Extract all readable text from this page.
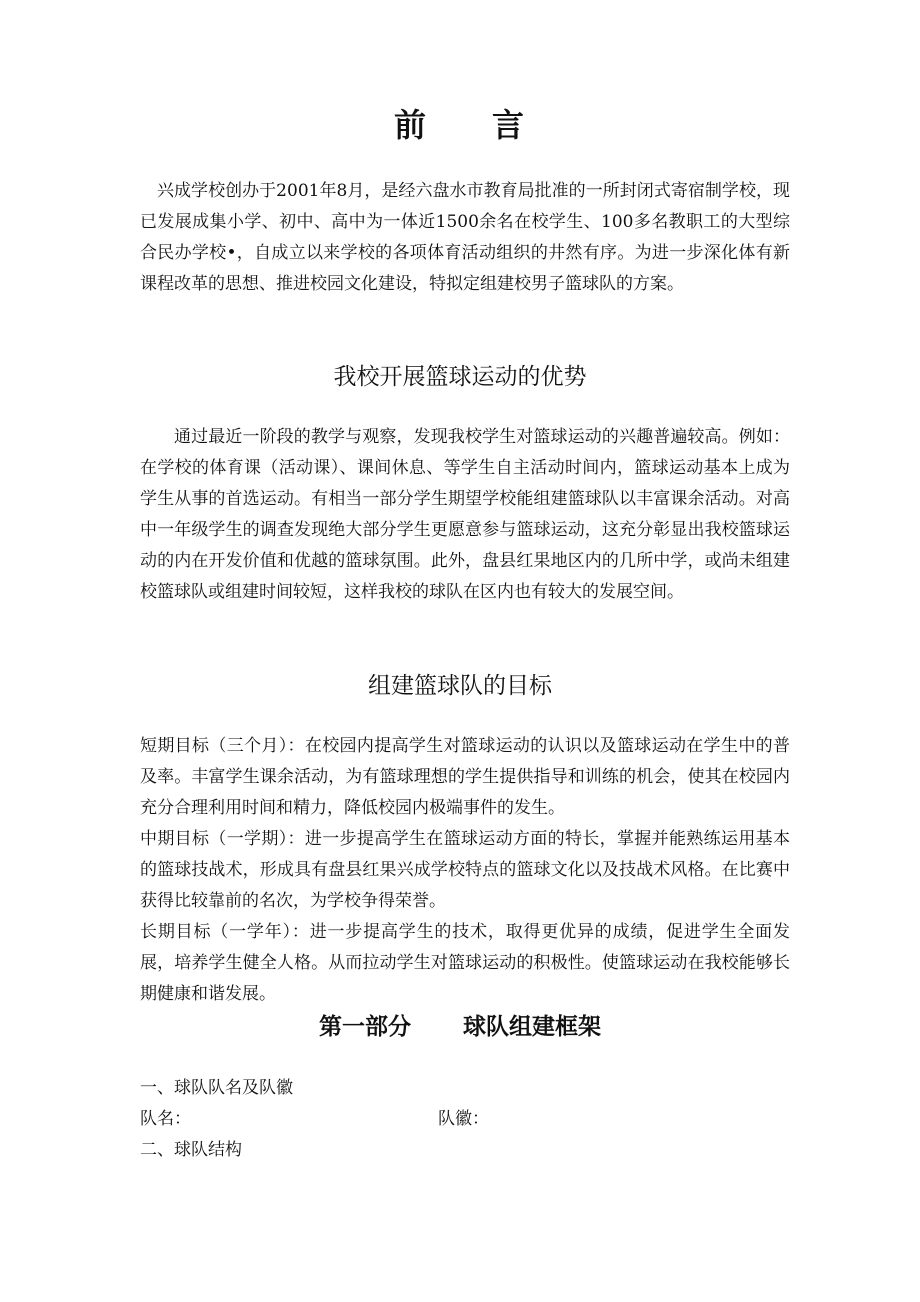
前 言

兴成学校创办于2001年8月，是经六盘水市教育局批准的一所封闭式寄宿制学校，现已发展成集小学、初中、高中为一体近1500余名在校学生、100多名教职工的大型综合民办学校•，自成立以来学校的各项体育活动组织的井然有序。为进一步深化体有新课程改革的思想、推进校园文化建设，特拟定组建校男子篮球队的方案。

我校开展篮球运动的优势

通过最近一阶段的教学与观察，发现我校学生对篮球运动的兴趣普遍较高。例如：在学校的体育课（活动课）、课间休息、等学生自主活动时间内，篮球运动基本上成为学生从事的首选运动。有相当一部分学生期望学校能组建篮球队以丰富课余活动。对高中一年级学生的调查发现绝大部分学生更愿意参与篮球运动，这充分彰显出我校篮球运动的内在开发价值和优越的篮球氛围。此外，盘县红果地区内的几所中学，或尚未组建校篮球队或组建时间较短，这样我校的球队在区内也有较大的发展空间。

组建篮球队的目标

短期目标（三个月）：在校园内提高学生对篮球运动的认识以及篮球运动在学生中的普及率。丰富学生课余活动，为有篮球理想的学生提供指导和训练的机会，使其在校园内充分合理利用时间和精力，降低校园内极端事件的发生。

中期目标（一学期）：进一步提高学生在篮球运动方面的特长，掌握并能熟练运用基本的篮球技战术，形成具有盘县红果兴成学校特点的篮球文化以及技战术风格。在比赛中获得比较靠前的名次，为学校争得荣誉。

长期目标（一学年）：进一步提高学生的技术，取得更优异的成绩，促进学生全面发展，培养学生健全人格。从而拉动学生对篮球运动的积极性。使篮球运动在我校能够长期健康和谐发展。

第一部分 球队组建框架

一、球队队名及队徽

队名：	队徽：

二、球队结构
